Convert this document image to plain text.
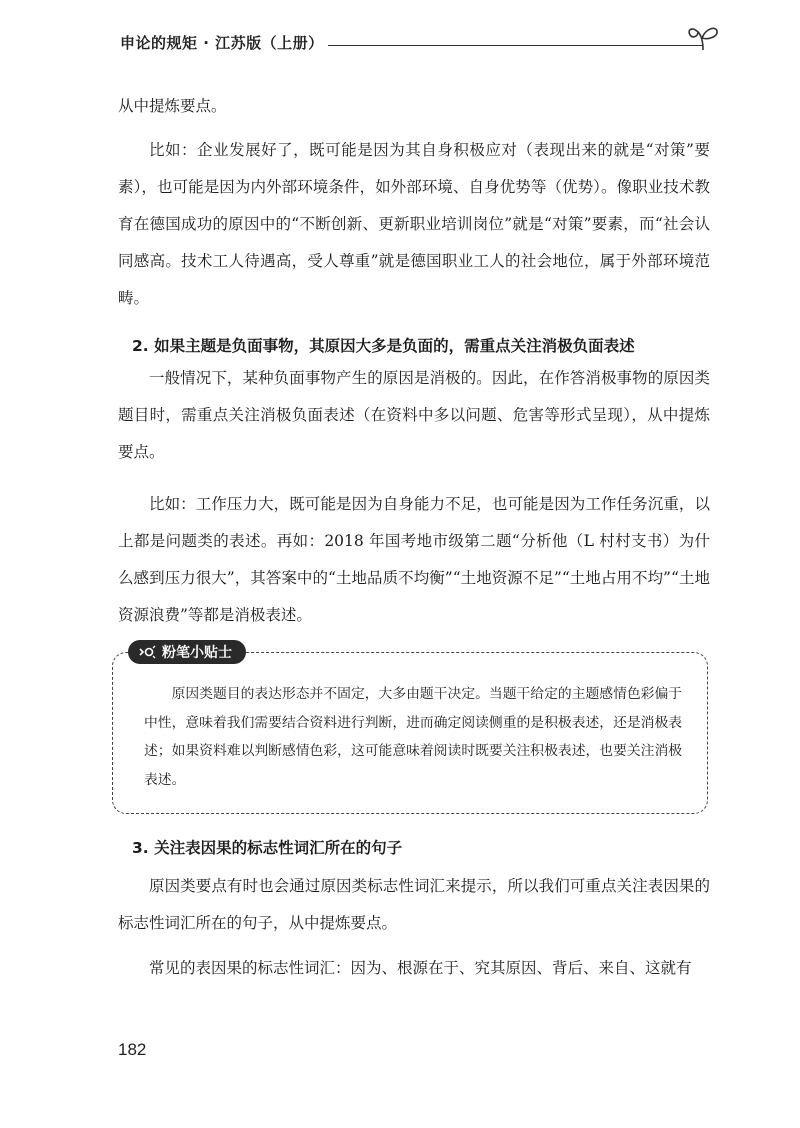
申论的规矩 · 江苏版（上册）

从中提炼要点。

比如：企业发展好了，既可能是因为其自身积极应对（表现出来的就是“对策”要素），也可能是因为内外部环境条件，如外部环境、自身优势等（优势）。像职业技术教育在德国成功的原因中的“不断创新、更新职业培训岗位”就是“对策”要素，而“社会认同感高。技术工人待遇高，受人尊重”就是德国职业工人的社会地位，属于外部环境范畴。

2. 如果主题是负面事物，其原因大多是负面的，需重点关注消极负面表述

一般情况下，某种负面事物产生的原因是消极的。因此，在作答消极事物的原因类题目时，需重点关注消极负面表述（在资料中多以问题、危害等形式呈现），从中提炼要点。

比如：工作压力大，既可能是因为自身能力不足，也可能是因为工作任务沉重，以上都是问题类的表述。再如：2018 年国考地市级第二题“分析他（L 村村支书）为什么感到压力很大”，其答案中的“土地品质不均衡”“土地资源不足”“土地占用不均”“土地资源浪费”等都是消极表述。

粉笔小贴士

原因类题目的表达形态并不固定，大多由题干决定。当题干给定的主题感情色彩偏于中性，意味着我们需要结合资料进行判断，进而确定阅读侧重的是积极表述，还是消极表述；如果资料难以判断感情色彩，这可能意味着阅读时既要关注积极表述，也要关注消极表述。

3. 关注表因果的标志性词汇所在的句子

原因类要点有时也会通过原因类标志性词汇来提示，所以我们可重点关注表因果的标志性词汇所在的句子，从中提炼要点。

常见的表因果的标志性词汇：因为、根源在于、究其原因、背后、来自、这就有

182
